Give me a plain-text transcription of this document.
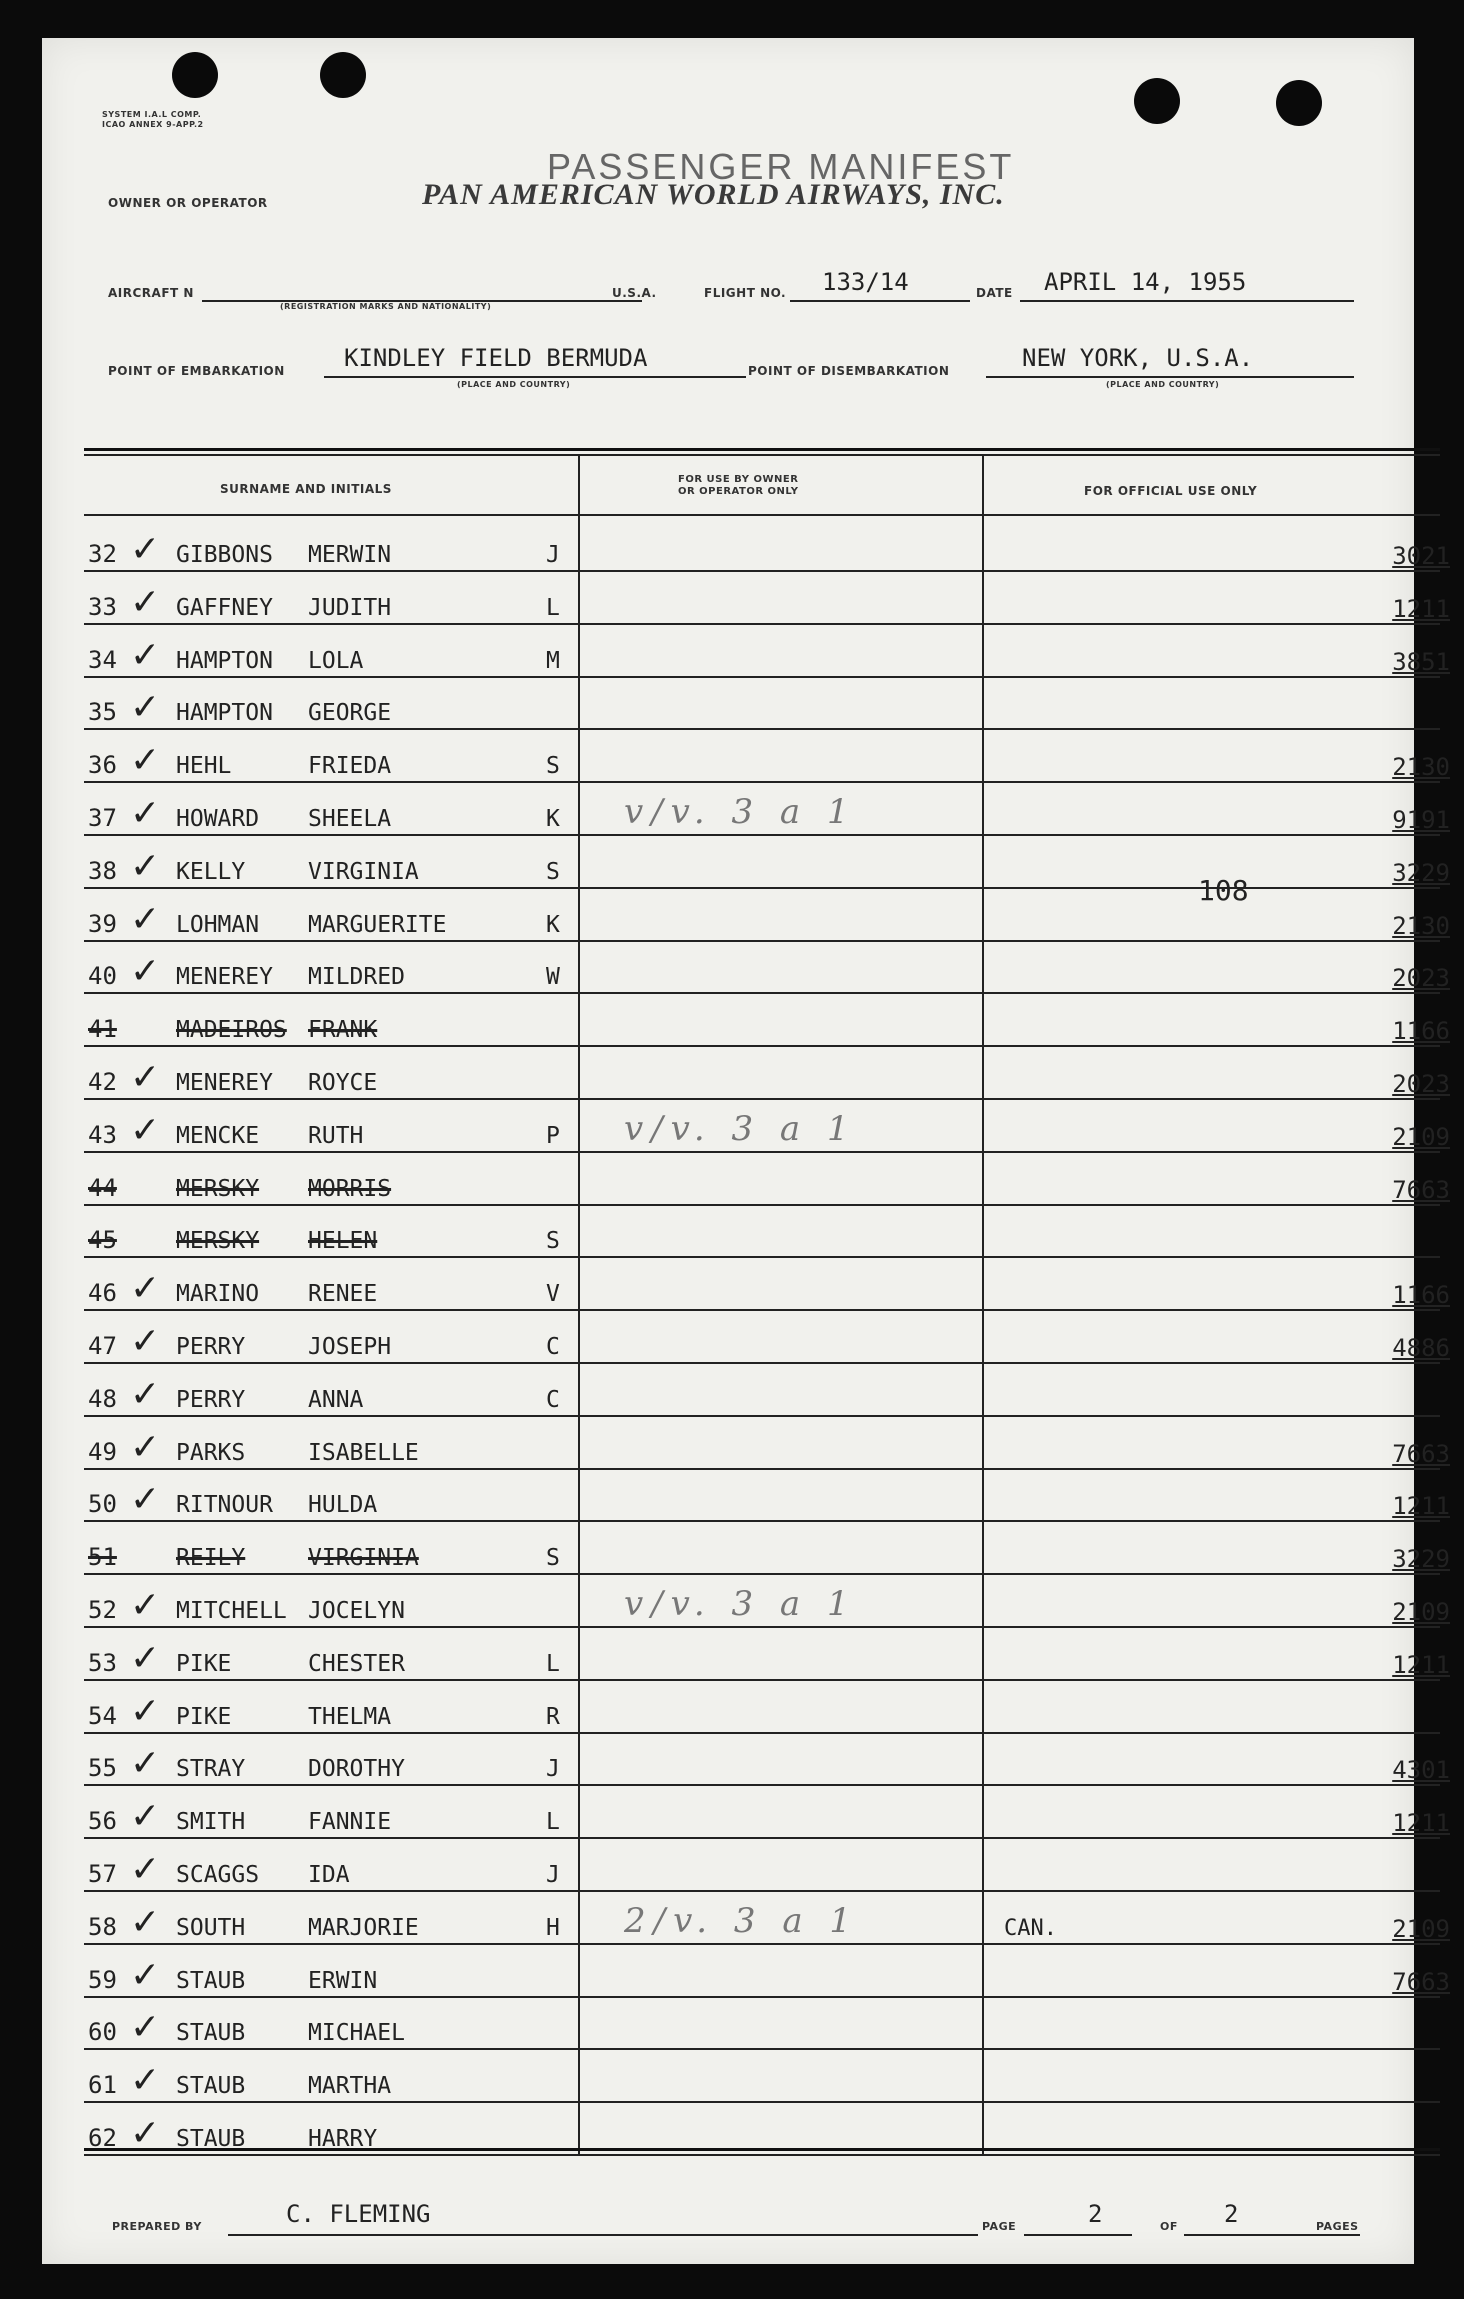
SYSTEM I.A.L COMP.
ICAO ANNEX 9-APP.2
PASSENGER MANIFEST
OWNER OR OPERATOR	PAN AMERICAN WORLD AIRWAYS, INC.
AIRCRAFT N
(REGISTRATION MARKS AND NATIONALITY)
U.S.A.	FLIGHT NO. 133/14	DATE APRIL 14, 1955
POINT OF EMBARKATION KINDLEY FIELD BERMUDA
(PLACE AND COUNTRY)
POINT OF DISEMBARKATION	NEW YORK, U.S.A.
(PLACE AND COUNTRY)
SURNAME AND INITIALS
FOR USE BY OWNER
OR OPERATOR ONLY	FOR OFFICIAL USE ONLY
108
32 ✓ GIBBONS MERWIN	J	3021
33 ✓ GAFFNEY JUDITH	L	1211
34 ✓ HAMPTON LOLA	M	3851
35 ✓ HAMPTON GEORGE
36 ✓ HEHL	FRIEDA	S	2130
37 ✓ HOWARD SHEELA	K v/v. 3 a 1	9191
38 ✓ KELLY	VIRGINIA	S	3229
39 ✓ LOHMAN MARGUERITE	K	2130
40 ✓ MENEREY MILDRED	W	2023
41	MADEIROS FRANK	1166
42 ✓ MENEREY ROYCE	2023
43 ✓ MENCKE RUTH	P v/v. 3 a 1	2109
44	MERSKY MORRIS	7663
45	MERSKY HELEN	S
46 ✓ MARINO RENEE	V	1166
47 ✓ PERRY	JOSEPH	C	4886
48 ✓ PERRY	ANNA	C
49 ✓ PARKS	ISABELLE	7663
50 ✓ RITNOUR HULDA	1211
51	REILY	VIRGINIA	S	3229
52 ✓ MITCHELL JOCELYN	v/v. 3 a 1	2109
53 ✓ PIKE	CHESTER	L	1211
54 ✓ PIKE	THELMA	R
55 ✓ STRAY	DOROTHY	J	4301
56 ✓ SMITH	FANNIE	L	1211
57 ✓ SCAGGS IDA	J
58 ✓ SOUTH	MARJORIE	H 2/v. 3 a 1	CAN.	2109
59 ✓ STAUB	ERWIN	7663
60 ✓ STAUB	MICHAEL
61 ✓ STAUB	MARTHA
62 ✓ STAUB	HARRY
PREPARED BY	C. FLEMING	PAGE	2	OF 2	PAGES
